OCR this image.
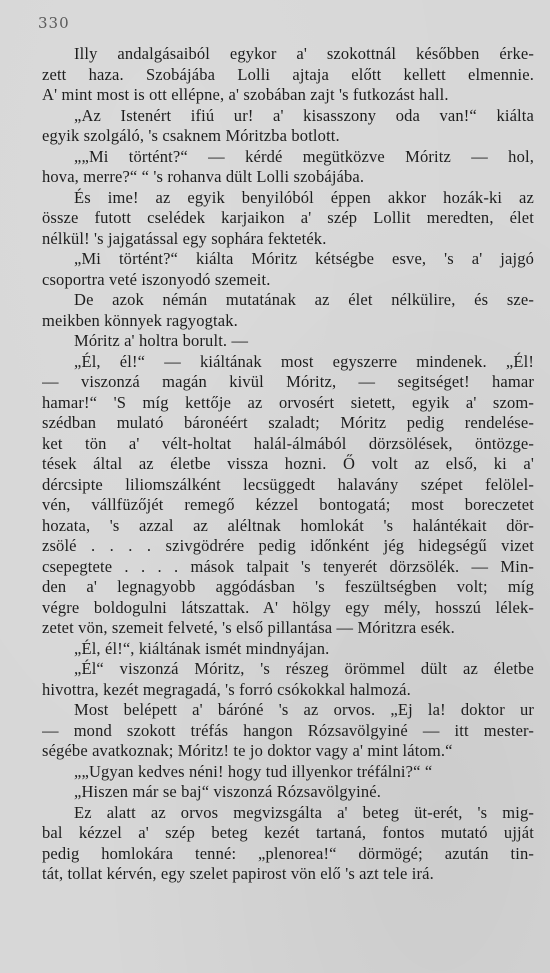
330
Illy andalgásaiból egykor a' szokottnál későbben érke-
zett haza. Szobájába Lolli ajtaja előtt kellett elmennie.
A' mint most is ott ellépne, a' szobában zajt 's futkozást hall.
„Az Istenért ifiú ur! a' kisasszony oda van!“ kiálta
egyik szolgáló, 's csaknem Móritzba botlott.
„„Mi történt?“ — kérdé megütközve Móritz — hol,
hova, merre?“ “ 's rohanva dült Lolli szobájába.
És ime! az egyik benyilóból éppen akkor hozák-ki az
össze futott cselédek karjaikon a' szép Lollit meredten, élet
nélkül! 's jajgatással egy sophára fekteték.
„Mi történt?“ kiálta Móritz kétségbe esve, 's a' jajgó
csoportra veté iszonyodó szemeit.
De azok némán mutatának az élet nélkülire, és sze-
meikben könnyek ragyogtak.
Móritz a' holtra borult. —
„Él, él!“ — kiáltának most egyszerre mindenek. „Él!
— viszonzá magán kivül Móritz, — segitséget! hamar
hamar!“ 'S míg kettője az orvosért sietett, egyik a' szom-
szédban mulató báronéért szaladt; Móritz pedig rendelése-
ket tön a' vélt-holtat halál-álmából dörzsölések, öntözge-
tések által az életbe vissza hozni. Ő volt az első, ki a'
dércsipte liliomszálként lecsüggedt halavány szépet felölel-
vén, vállfüzőjét remegő kézzel bontogatá; most boreczetet
hozata, 's azzal az aléltnak homlokát 's halántékait dör-
zsölé . . . . szivgödrére pedig időnként jég hidegségű vizet
csepegtete . . . . mások talpait 's tenyerét dörzsölék. — Min-
den a' legnagyobb aggódásban 's feszültségben volt; míg
végre boldogulni látszattak. A' hölgy egy mély, hosszú lélek-
zetet vön, szemeit felveté, 's első pillantása — Móritzra esék.
„Él, él!“, kiáltának ismét mindnyájan.
„Él“ viszonzá Móritz, 's részeg örömmel dült az életbe
hivottra, kezét megragadá, 's forró csókokkal halmozá.
Most belépett a' báróné 's az orvos. „Ej la! doktor ur
— mond szokott tréfás hangon Rózsavölgyiné — itt mester-
ségébe avatkoznak; Móritz! te jo doktor vagy a' mint látom.“
„„Ugyan kedves néni! hogy tud illyenkor tréfálni?“ “
„Hiszen már se baj“ viszonzá Rózsavölgyiné.
Ez alatt az orvos megvizsgálta a' beteg üt-erét, 's mig-
bal kézzel a' szép beteg kezét tartaná, fontos mutató ujját
pedig homlokára tenné: „plenorea!“ dörmögé; azután tin-
tát, tollat kérvén, egy szelet papirost vön elő 's azt tele irá.
